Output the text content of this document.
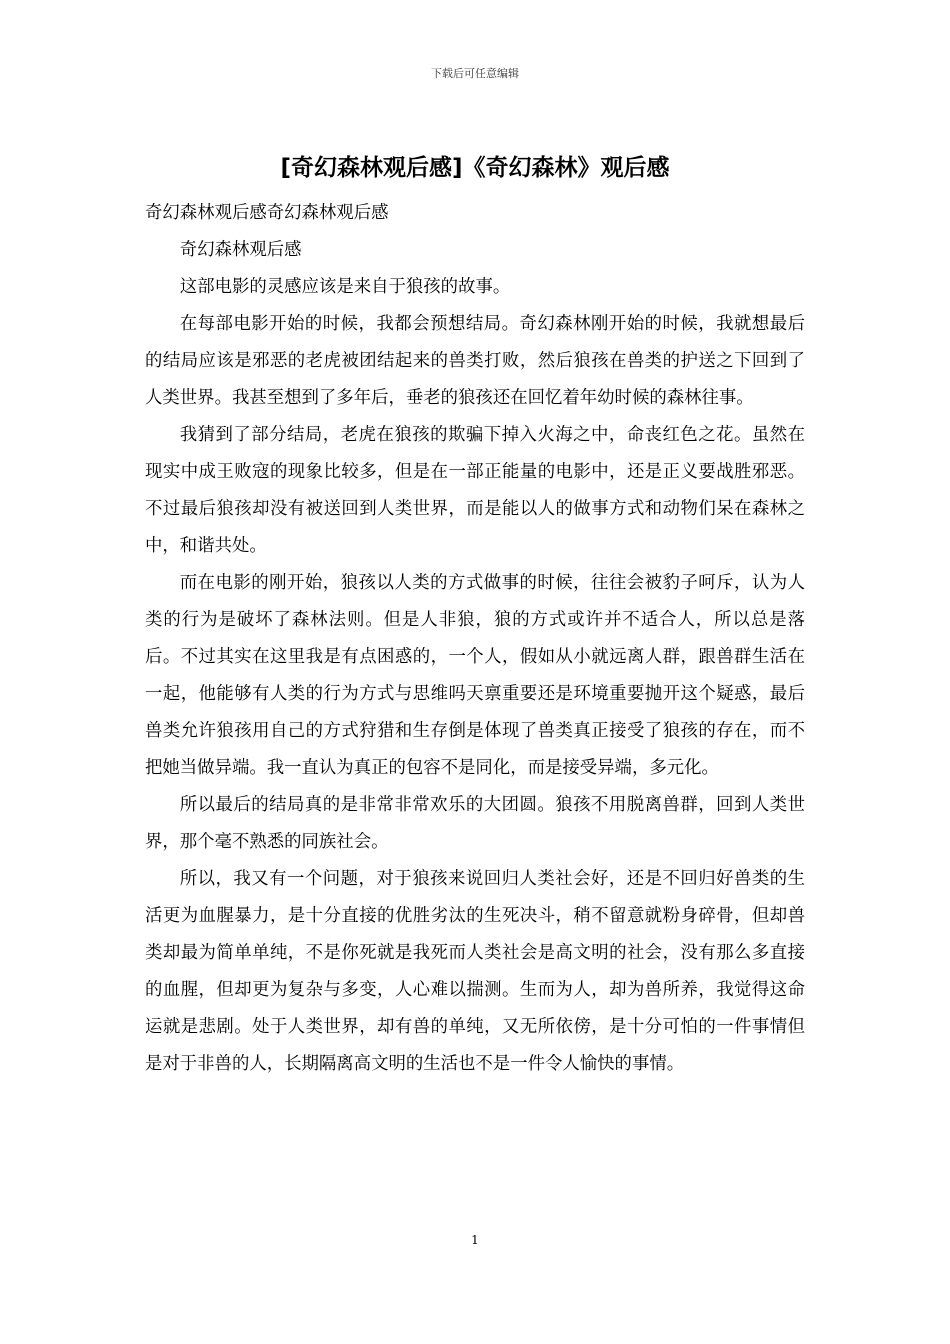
下载后可任意编辑
[奇幻森林观后感]《奇幻森林》观后感

奇幻森林观后感奇幻森林观后感

奇幻森林观后感

这部电影的灵感应该是来自于狼孩的故事。

在每部电影开始的时候，我都会预想结局。奇幻森林刚开始的时候，我就想最后的结局应该是邪恶的老虎被团结起来的兽类打败，然后狼孩在兽类的护送之下回到了人类世界。我甚至想到了多年后，垂老的狼孩还在回忆着年幼时候的森林往事。

我猜到了部分结局，老虎在狼孩的欺骗下掉入火海之中，命丧红色之花。虽然在现实中成王败寇的现象比较多，但是在一部正能量的电影中，还是正义要战胜邪恶。不过最后狼孩却没有被送回到人类世界，而是能以人的做事方式和动物们呆在森林之中，和谐共处。

而在电影的刚开始，狼孩以人类的方式做事的时候，往往会被豹子呵斥，认为人类的行为是破坏了森林法则。但是人非狼，狼的方式或许并不适合人，所以总是落后。不过其实在这里我是有点困惑的，一个人，假如从小就远离人群，跟兽群生活在一起，他能够有人类的行为方式与思维吗天禀重要还是环境重要抛开这个疑惑，最后兽类允许狼孩用自己的方式狩猎和生存倒是体现了兽类真正接受了狼孩的存在，而不把她当做异端。我一直认为真正的包容不是同化，而是接受异端，多元化。

所以最后的结局真的是非常非常欢乐的大团圆。狼孩不用脱离兽群，回到人类世界，那个毫不熟悉的同族社会。

所以，我又有一个问题，对于狼孩来说回归人类社会好，还是不回归好兽类的生活更为血腥暴力，是十分直接的优胜劣汰的生死决斗，稍不留意就粉身碎骨，但却兽类却最为简单单纯，不是你死就是我死而人类社会是高文明的社会，没有那么多直接的血腥，但却更为复杂与多变，人心难以揣测。生而为人，却为兽所养，我觉得这命运就是悲剧。处于人类世界，却有兽的单纯，又无所依傍，是十分可怕的一件事情但是对于非兽的人，长期隔离高文明的生活也不是一件令人愉快的事情。

1
